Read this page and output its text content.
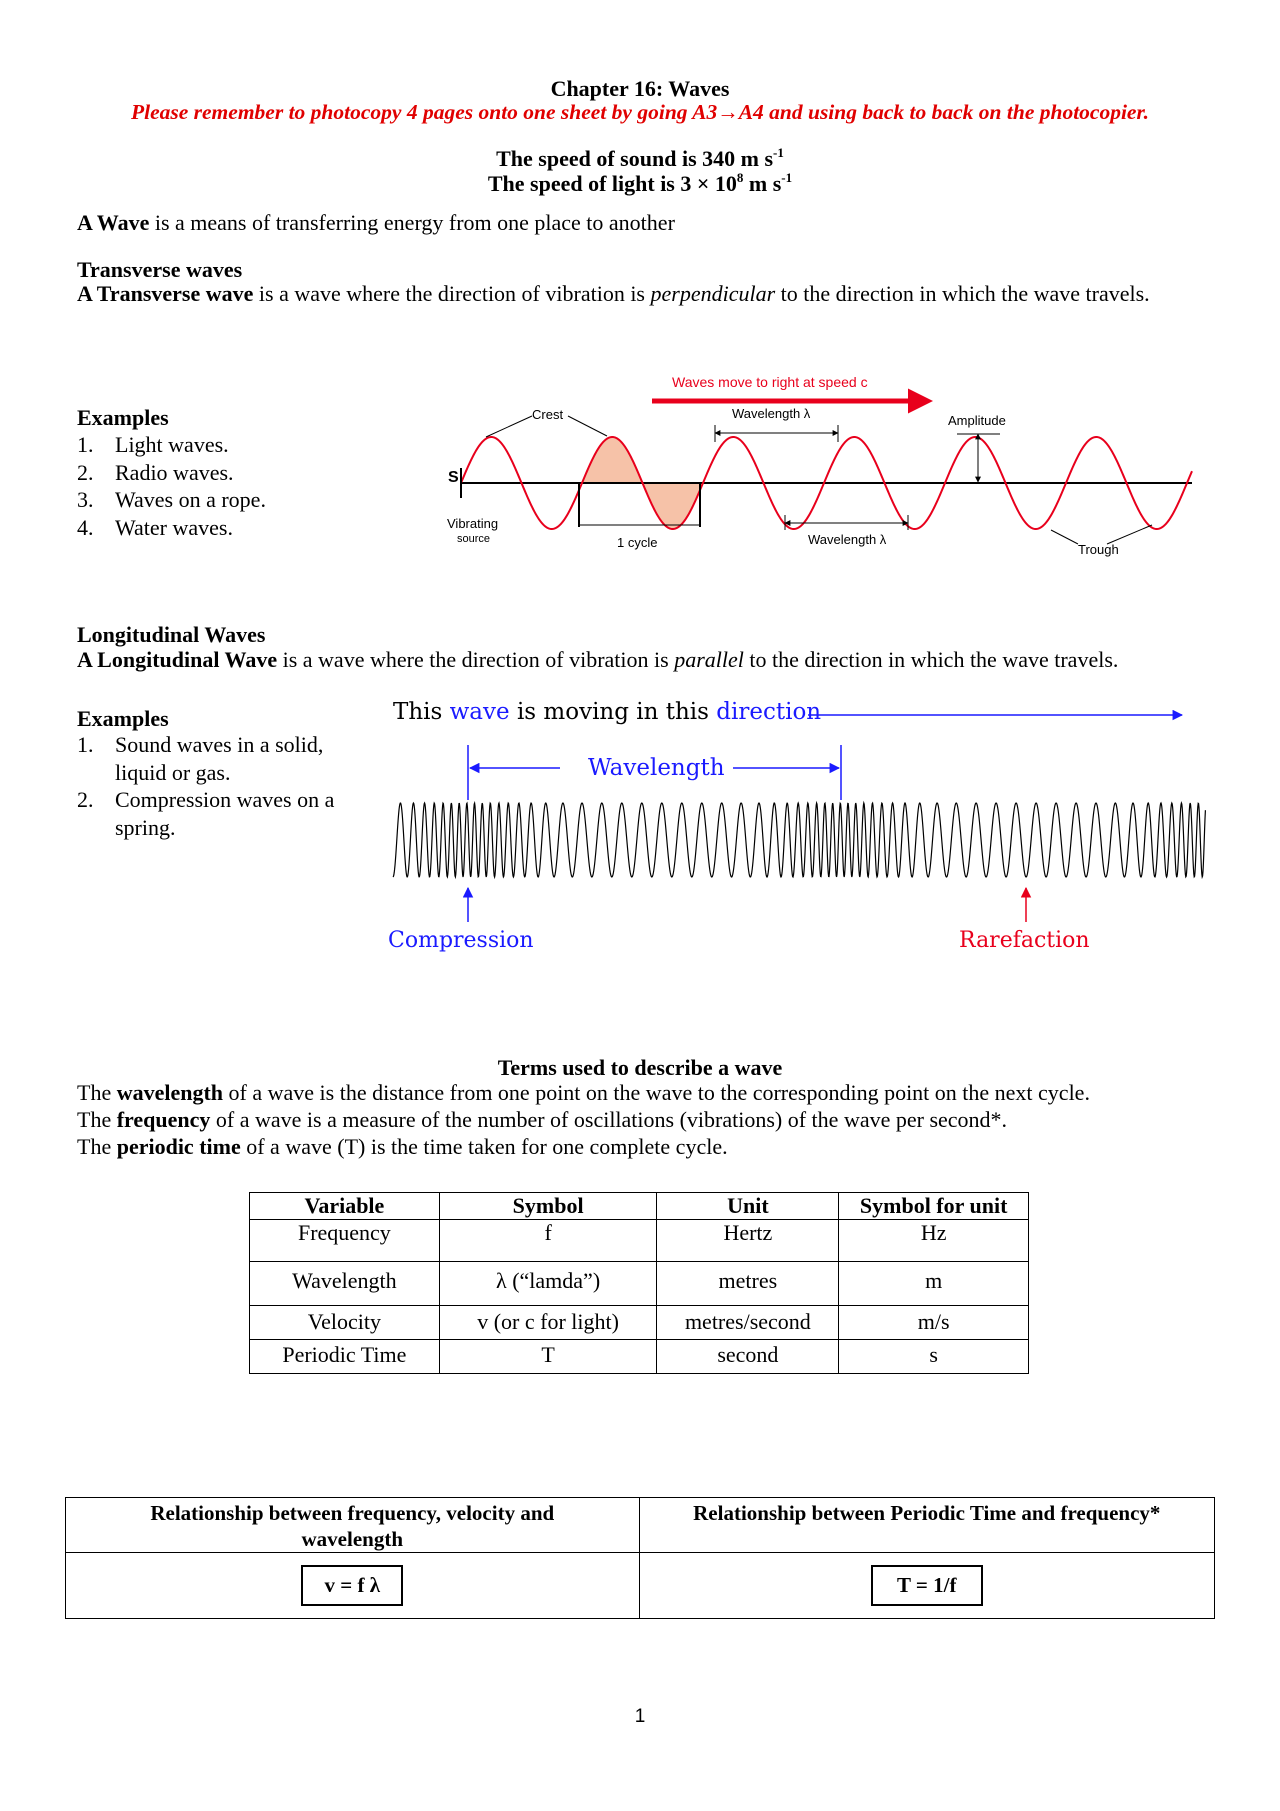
Chapter 16: Waves
Please remember to photocopy 4 pages onto one sheet by going A3→A4 and using back to back on the photocopier.
The speed of sound is 340 m $s^{-1}$
The speed of light is $3 \times 10^8$ m $s^{-1}$
A Wave is a means of transferring energy from one place to another
Transverse waves
A Transverse wave is a wave where the direction of vibration is perpendicular to the direction in which the wave travels.
Examples
1. Light waves.
2. Radio waves.
3. Waves on a rope.
4. Water waves.
Waves move to right at speed c
S
Crest	Wavelength λ	Amplitude
Vibrating
source	1 cycle	Wavelength λ
Trough
Longitudinal Waves
A Longitudinal Wave is a wave where the direction of vibration is parallel to the direction in which the wave travels.
Examples
1. Sound waves in a solid, liquid or gas.
2. Compression waves on a spring.
This wave is moving in this direction
Wavelength
Compression	Rarefaction
Terms used to describe a wave
The wavelength of a wave is the distance from one point on the wave to the corresponding point on the next cycle.
The frequency of a wave is a measure of the number of oscillations (vibrations) of the wave per second*.
The periodic time of a wave (T) is the time taken for one complete cycle.
Variable	Symbol	Unit	Symbol for unit
Frequency	f	Hertz	Hz
Wavelength	λ (“lamda”)	metres	m
Velocity	v (or c for light)	metres/second	m/s
Periodic Time	T	second	s
Relationship between frequency, velocity and wavelength	Relationship between Periodic Time and frequency*
v = f λ	T = 1/f
1
